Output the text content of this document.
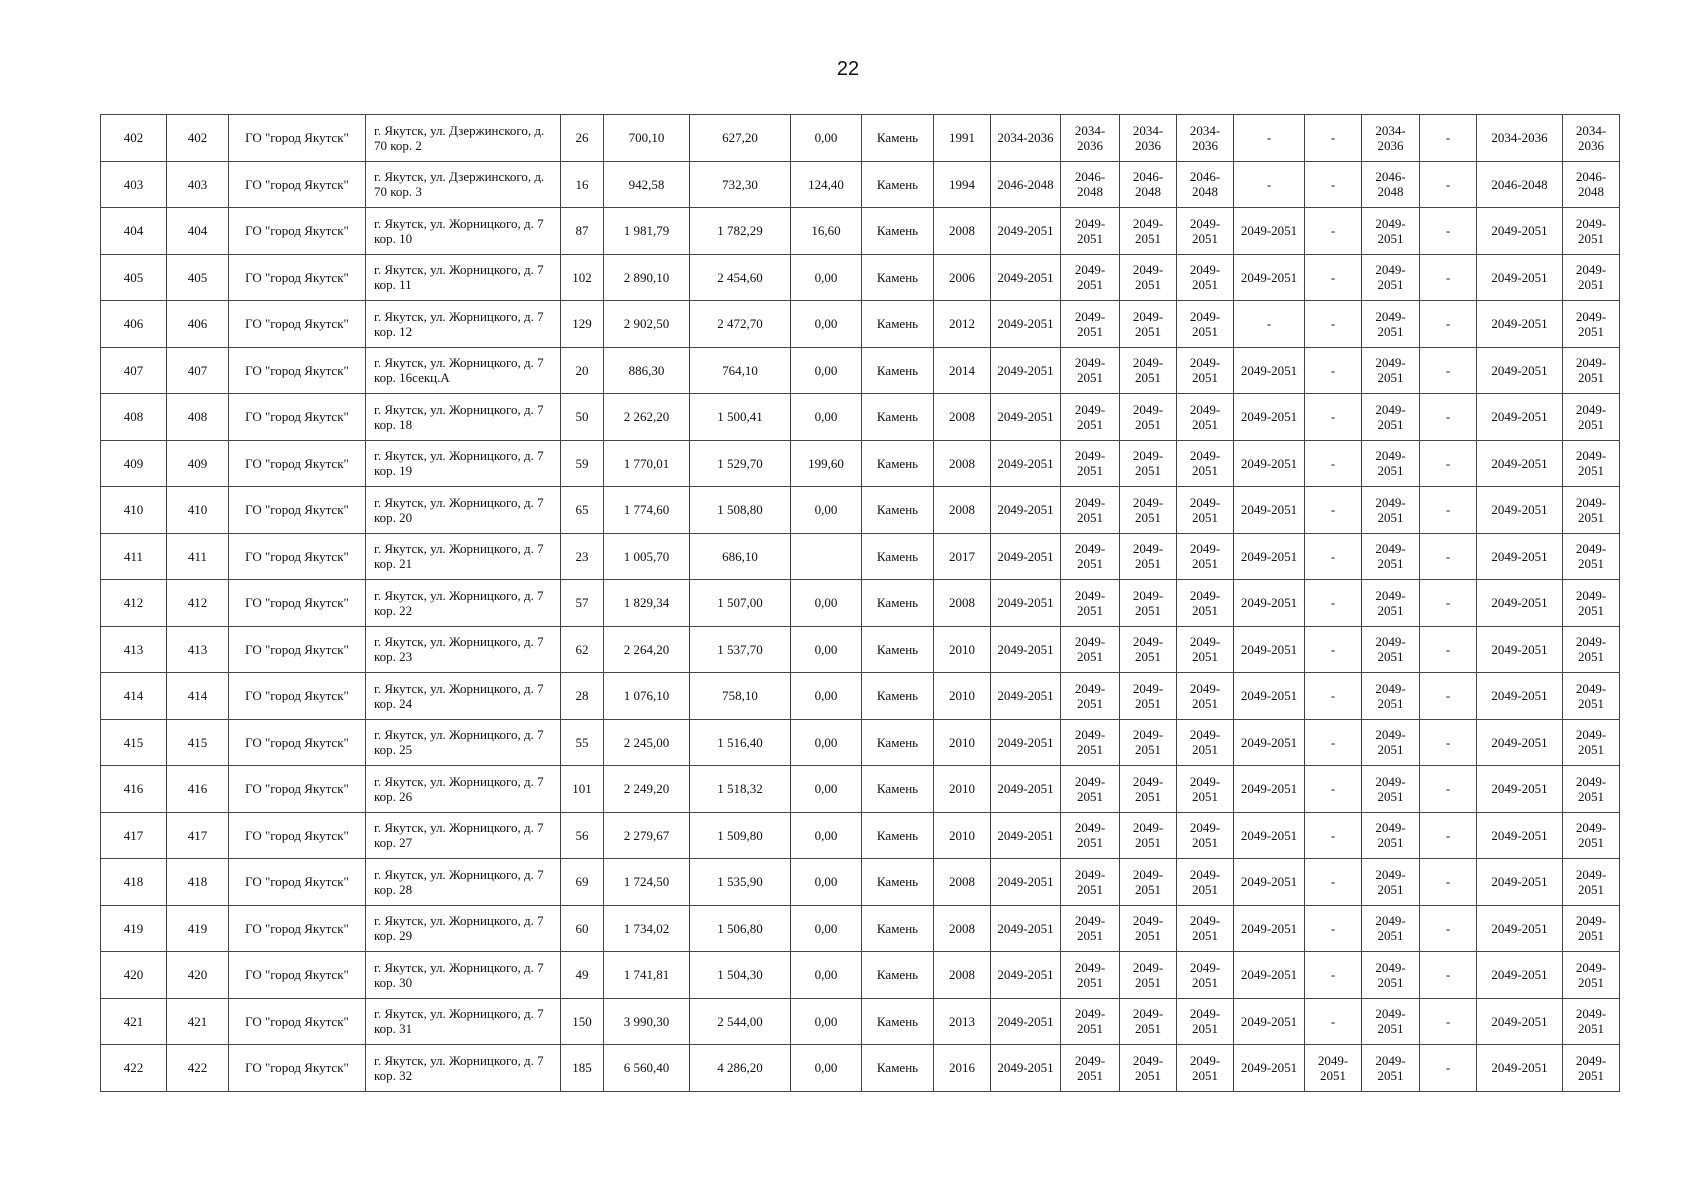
22
402	402	ГО "город Якутск"	г. Якутск, ул. Дзержинского, д. 70 кор. 2	26	700,10	627,20	0,00	Камень	1991	2034-2036	2034-2036	2034-2036	2034-2036	-	-	2034-2036	-	2034-2036	2034-2036
403	403	ГО "город Якутск"	г. Якутск, ул. Дзержинского, д. 70 кор. 3	16	942,58	732,30	124,40	Камень	1994	2046-2048	2046-2048	2046-2048	2046-2048	-	-	2046-2048	-	2046-2048	2046-2048
404	404	ГО "город Якутск"	г. Якутск, ул. Жорницкого, д. 7 кор. 10	87	1 981,79	1 782,29	16,60	Камень	2008	2049-2051	2049-2051	2049-2051	2049-2051	2049-2051	-	2049-2051	-	2049-2051	2049-2051
405	405	ГО "город Якутск"	г. Якутск, ул. Жорницкого, д. 7 кор. 11	102	2 890,10	2 454,60	0,00	Камень	2006	2049-2051	2049-2051	2049-2051	2049-2051	2049-2051	-	2049-2051	-	2049-2051	2049-2051
406	406	ГО "город Якутск"	г. Якутск, ул. Жорницкого, д. 7 кор. 12	129	2 902,50	2 472,70	0,00	Камень	2012	2049-2051	2049-2051	2049-2051	2049-2051	-	-	2049-2051	-	2049-2051	2049-2051
407	407	ГО "город Якутск"	г. Якутск, ул. Жорницкого, д. 7 кор. 16секц.А	20	886,30	764,10	0,00	Камень	2014	2049-2051	2049-2051	2049-2051	2049-2051	2049-2051	-	2049-2051	-	2049-2051	2049-2051
408	408	ГО "город Якутск"	г. Якутск, ул. Жорницкого, д. 7 кор. 18	50	2 262,20	1 500,41	0,00	Камень	2008	2049-2051	2049-2051	2049-2051	2049-2051	2049-2051	-	2049-2051	-	2049-2051	2049-2051
409	409	ГО "город Якутск"	г. Якутск, ул. Жорницкого, д. 7 кор. 19	59	1 770,01	1 529,70	199,60	Камень	2008	2049-2051	2049-2051	2049-2051	2049-2051	2049-2051	-	2049-2051	-	2049-2051	2049-2051
410	410	ГО "город Якутск"	г. Якутск, ул. Жорницкого, д. 7 кор. 20	65	1 774,60	1 508,80	0,00	Камень	2008	2049-2051	2049-2051	2049-2051	2049-2051	2049-2051	-	2049-2051	-	2049-2051	2049-2051
411	411	ГО "город Якутск"	г. Якутск, ул. Жорницкого, д. 7 кор. 21	23	1 005,70	686,10		Камень	2017	2049-2051	2049-2051	2049-2051	2049-2051	2049-2051	-	2049-2051	-	2049-2051	2049-2051
412	412	ГО "город Якутск"	г. Якутск, ул. Жорницкого, д. 7 кор. 22	57	1 829,34	1 507,00	0,00	Камень	2008	2049-2051	2049-2051	2049-2051	2049-2051	2049-2051	-	2049-2051	-	2049-2051	2049-2051
413	413	ГО "город Якутск"	г. Якутск, ул. Жорницкого, д. 7 кор. 23	62	2 264,20	1 537,70	0,00	Камень	2010	2049-2051	2049-2051	2049-2051	2049-2051	2049-2051	-	2049-2051	-	2049-2051	2049-2051
414	414	ГО "город Якутск"	г. Якутск, ул. Жорницкого, д. 7 кор. 24	28	1 076,10	758,10	0,00	Камень	2010	2049-2051	2049-2051	2049-2051	2049-2051	2049-2051	-	2049-2051	-	2049-2051	2049-2051
415	415	ГО "город Якутск"	г. Якутск, ул. Жорницкого, д. 7 кор. 25	55	2 245,00	1 516,40	0,00	Камень	2010	2049-2051	2049-2051	2049-2051	2049-2051	2049-2051	-	2049-2051	-	2049-2051	2049-2051
416	416	ГО "город Якутск"	г. Якутск, ул. Жорницкого, д. 7 кор. 26	101	2 249,20	1 518,32	0,00	Камень	2010	2049-2051	2049-2051	2049-2051	2049-2051	2049-2051	-	2049-2051	-	2049-2051	2049-2051
417	417	ГО "город Якутск"	г. Якутск, ул. Жорницкого, д. 7 кор. 27	56	2 279,67	1 509,80	0,00	Камень	2010	2049-2051	2049-2051	2049-2051	2049-2051	2049-2051	-	2049-2051	-	2049-2051	2049-2051
418	418	ГО "город Якутск"	г. Якутск, ул. Жорницкого, д. 7 кор. 28	69	1 724,50	1 535,90	0,00	Камень	2008	2049-2051	2049-2051	2049-2051	2049-2051	2049-2051	-	2049-2051	-	2049-2051	2049-2051
419	419	ГО "город Якутск"	г. Якутск, ул. Жорницкого, д. 7 кор. 29	60	1 734,02	1 506,80	0,00	Камень	2008	2049-2051	2049-2051	2049-2051	2049-2051	2049-2051	-	2049-2051	-	2049-2051	2049-2051
420	420	ГО "город Якутск"	г. Якутск, ул. Жорницкого, д. 7 кор. 30	49	1 741,81	1 504,30	0,00	Камень	2008	2049-2051	2049-2051	2049-2051	2049-2051	2049-2051	-	2049-2051	-	2049-2051	2049-2051
421	421	ГО "город Якутск"	г. Якутск, ул. Жорницкого, д. 7 кор. 31	150	3 990,30	2 544,00	0,00	Камень	2013	2049-2051	2049-2051	2049-2051	2049-2051	2049-2051	-	2049-2051	-	2049-2051	2049-2051
422	422	ГО "город Якутск"	г. Якутск, ул. Жорницкого, д. 7 кор. 32	185	6 560,40	4 286,20	0,00	Камень	2016	2049-2051	2049-2051	2049-2051	2049-2051	2049-2051	2049-2051	2049-2051	-	2049-2051	2049-2051
